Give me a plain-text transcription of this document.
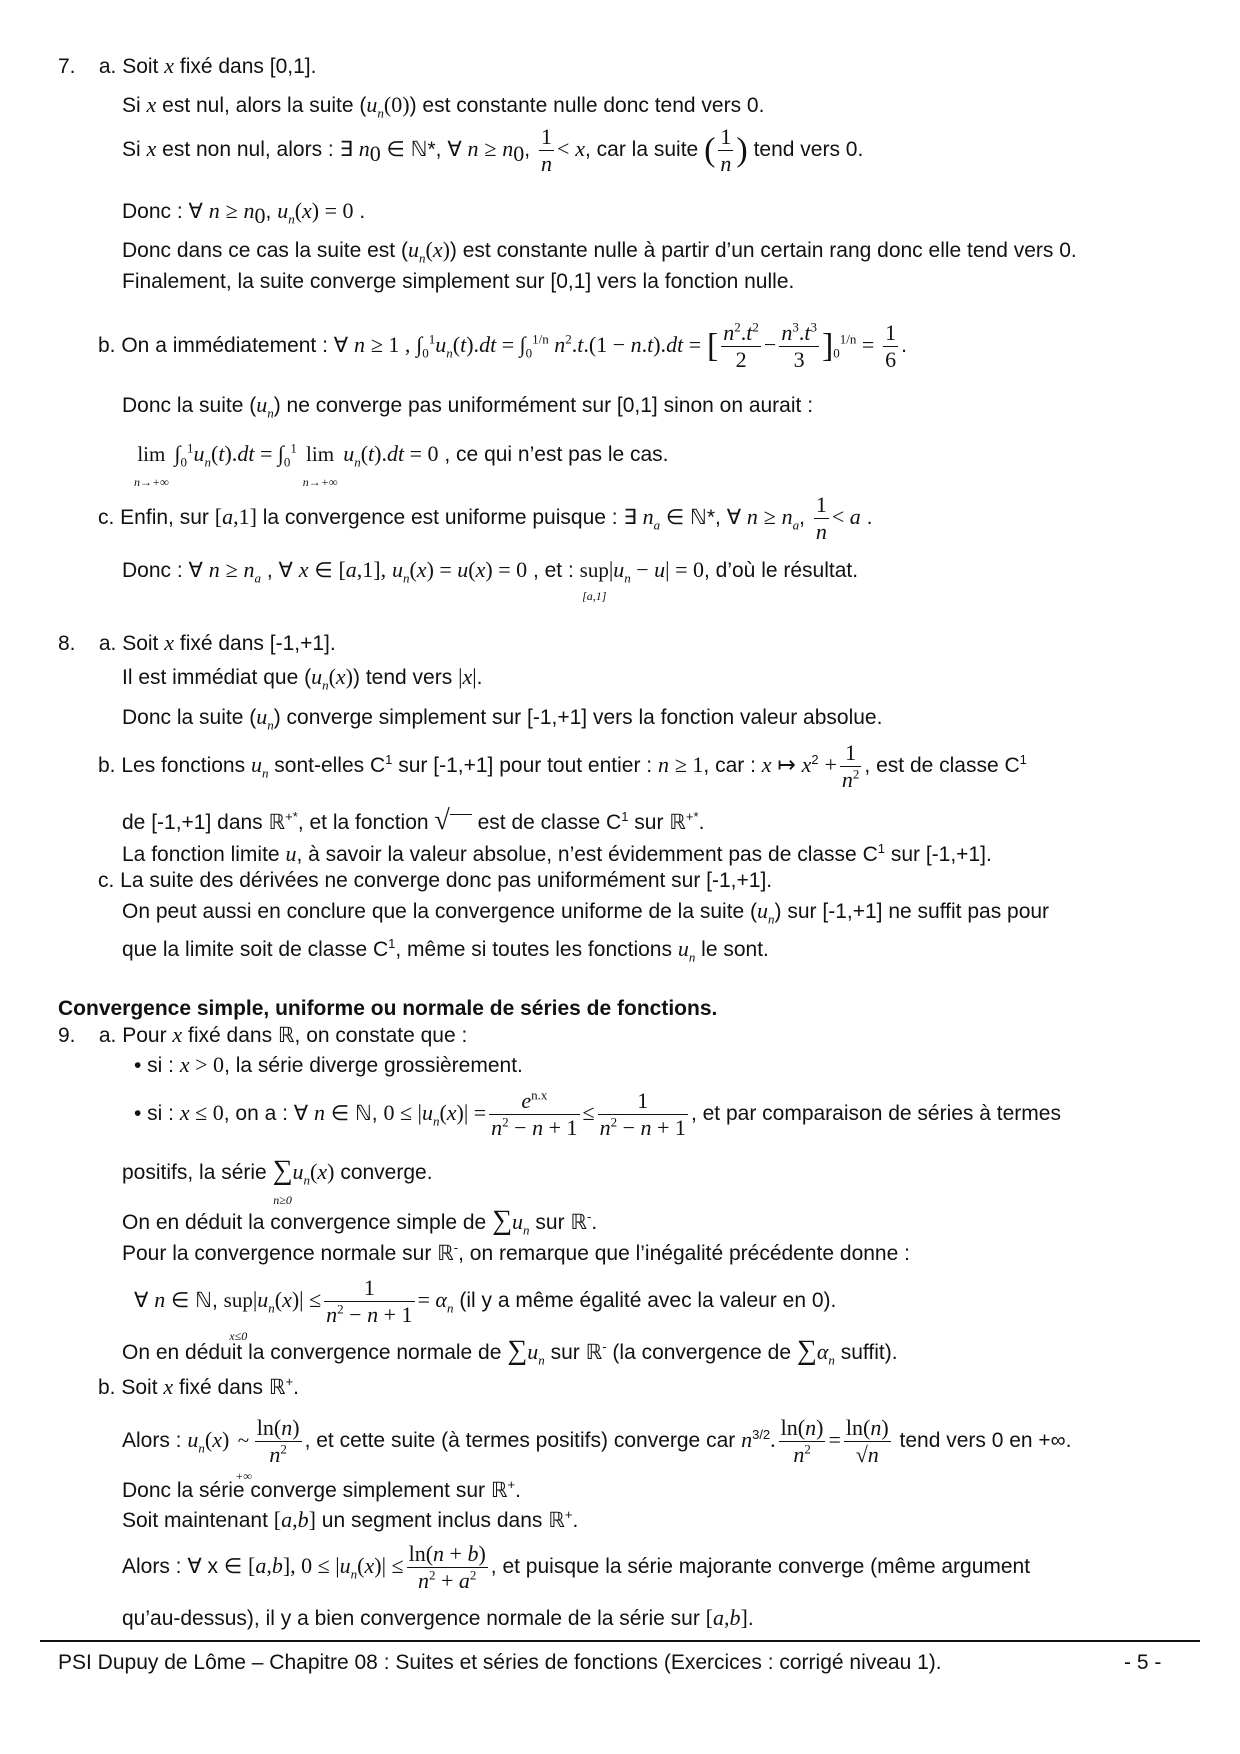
7. a. Soit x fixé dans [0,1].
Si x est nul, alors la suite $(u_n(0))$ est constante nulle donc tend vers 0.
Si x est non nul, alors : ∃ $n_0$ ∈ ℕ*, ∀ $n \ge n_0$, $\frac{1}{n} < x$, car la suite ( $\frac{1}{n}$ ) tend vers 0.
Donc : ∀ $n \ge n_0$, $u_n(x) = 0$ .
Donc dans ce cas la suite est $(u_n(x))$ est constante nulle à partir d’un certain rang donc elle tend vers 0.
Finalement, la suite converge simplement sur [0,1] vers la fonction nulle.
b. On a immédiatement : ∀ n ≥ 1 , $\int_0^1u_n(t).dt = \int_0^{1/n}$ $n^2.t.(1 - n.t).dt$ = [ $\frac{n^2.t^2}{2} - \frac{n^3.t^3}{3} ]_0^{1/n} = \frac{1}{6}$ .
Donc la suite $(u_n)$ ne converge pas uniformément sur [0,1] sinon on aurait :
lim
n→+∞
$\int_0^1u_n(t).dt = \int_0^1$ lim
n→+∞
$u_n(t).dt = 0$ , ce qui n’est pas le cas.
c. Enfin, sur [a,1] la convergence est uniforme puisque : ∃ $n_a$ ∈ ℕ*, ∀ $n \ge n_a$, $\frac{1}{n} < a$ .
Donc : ∀ $n \ge n_a$ , ∀ x ∈ [a,1], $u_n(x) = u(x) = 0$ , et : sup
[a,1]
$|u_n - u| = 0$, d’où le résultat.
8. a. Soit x fixé dans [-1,+1].
Il est immédiat que $(u_n(x))$ tend vers |x|.
Donc la suite $(u_n)$ converge simplement sur [-1,+1] vers la fonction valeur absolue.
b. Les fonctions $u_n$ sont-elles $C^1$ sur [-1,+1] pour tout entier : n ≥ 1, car : x ↦ $x^2 + \frac{1}{n^2}$ , est de classe $C^1$
de [-1,+1] dans ℝ+*, et la fonction √ est de classe $C^1$ sur ℝ+*.
La fonction limite u, à savoir la valeur absolue, n’est évidemment pas de classe $C^1$ sur [-1,+1].
c. La suite des dérivées ne converge donc pas uniformément sur [-1,+1].
On peut aussi en conclure que la convergence uniforme de la suite $(u_n)$ sur [-1,+1] ne suffit pas pour
que la limite soit de classe $C^1$, même si toutes les fonctions $u_n$ le sont.
Convergence simple, uniforme ou normale de séries de fonctions.
9. a. Pour x fixé dans ℝ, on constate que :
• si : x > 0, la série diverge grossièrement.
• si : x ≤ 0, on a : ∀ n ∈ ℕ, $0 \le |u_n(x)| = \frac{e^{n.x}}{n^2 - n + 1} \le \frac{1}{n^2 - n + 1}$ , et par comparaison de séries à termes
positifs, la série ∑
n≥0
$u_n(x)$ converge.
On en déduit la convergence simple de $\sum u_n$ sur ℝ-.
Pour la convergence normale sur ℝ-, on remarque que l’inégalité précédente donne :
∀ n ∈ ℕ, sup
x≤0
$|u_n(x)| \le \frac{1}{n^2 - n + 1} = \alpha_n$ (il y a même égalité avec la valeur en 0).
On en déduit la convergence normale de $\sum u_n$ sur ℝ- (la convergence de $\sum\alpha_n$ suffit).
b. Soit x fixé dans ℝ+.
Alors : $u_n(x)$ ~
+∞
$\frac{\ln(n)}{n^2}$ , et cette suite (à termes positifs) converge car $n^{3/2}$. $\frac{\ln(n)}{n^2} = \frac{\ln(n)}{√n}$ tend vers 0 en +∞.
Donc la série converge simplement sur ℝ+.
Soit maintenant [a,b] un segment inclus dans ℝ+.
Alors : ∀ x ∈ [a,b], $0 \le |u_n(x)| \le \frac{\ln(n + b)}{n^2 + a^2}$ , et puisque la série majorante converge (même argument
qu’au-dessus), il y a bien convergence normale de la série sur [a,b].
PSI Dupuy de Lôme – Chapitre 08 : Suites et séries de fonctions (Exercices : corrigé niveau 1).	- 5 -
